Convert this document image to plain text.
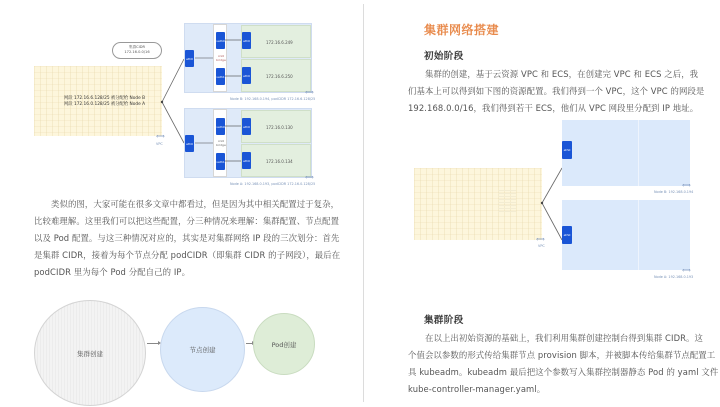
集群CIDR
172.16.0.0/16
网段 172.16.6.128/25 被分配给 Node B
网段 172.16.0.128/25 被分配给 Node A
⟺
VPC
eth0
veth0
cni0 bridge
veth1
eth0	172.16.6.249
eth0	172.16.6.250
⟺
Node B: 192.168.0.194, podCIDR 172.16.6.128/25
eth0
veth0
cni0 bridge
veth1
eth0	172.16.0.130
eth0	172.16.0.134
⟺
Node A: 192.168.0.193, podCIDR 172.16.0.128/25
类似的图，大家可能在很多文章中都看过，但是因为其中相关配置过于复杂，
比较难理解。这里我们可以把这些配置，分三种情况来理解：集群配置、节点配置
以及 Pod 配置。与这三种情况对应的，其实是对集群网络 IP 段的三次划分：首先
是集群 CIDR，接着为每个节点分配 podCIDR（即集群 CIDR 的子网段），最后在
podCIDR 里为每个 Pod 分配自己的 IP。
集群创建	节点创建
Pod创建
集群网络搭建
初始阶段
集群的创建，基于云资源 VPC 和 ECS，在创建完 VPC 和 ECS 之后，我
们基本上可以得到如下图的资源配置。我们得到一个 VPC，这个 VPC 的网段是
192.168.0.0/16，我们得到若干 ECS，他们从 VPC 网段里分配到 IP 地址。
⟺
VPC
eth0
⟺
Node B: 192.168.0.194
eth0
⟺
Node A: 192.168.0.193
集群阶段
在以上出初始资源的基础上，我们利用集群创建控制台得到集群 CIDR。这
个值会以参数的形式传给集群节点 provision 脚本，并被脚本传给集群节点配置工
具 kubeadm。kubeadm 最后把这个参数写入集群控制器静态 Pod 的 yaml 文件
kube-controller-manager.yaml。
